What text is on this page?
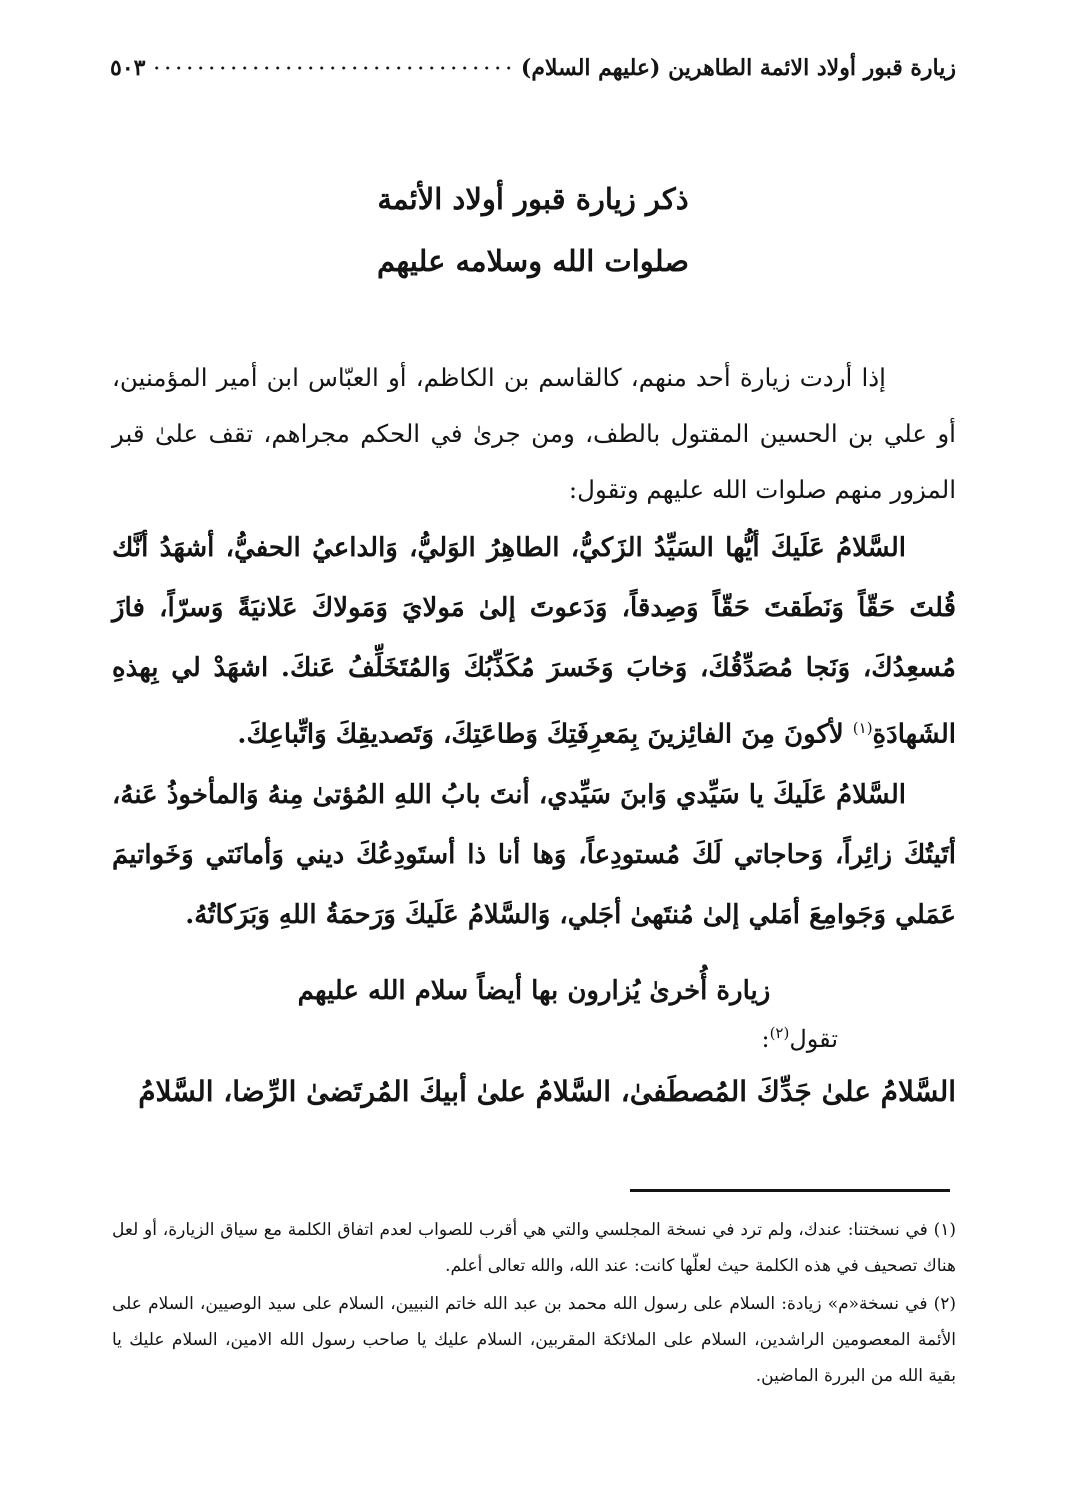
زيارة قبور أولاد الائمة الطاهرين (عليهم السلام)
٥٠٣
ذكر زيارة قبور أولاد الأئمة
صلوات الله وسلامه عليهم

إذا أردت زيارة أحد منهم، كالقاسم بن الكاظم، أو العبّاس ابن أمير المؤمنين، أو علي بن الحسين المقتول بالطف، ومن جرىٰ في الحكم مجراهم، تقف علىٰ قبر المزور منهم صلوات الله عليهم وتقول:

السَّلامُ عَلَيكَ أيُّها السَيِّدُ الزَكيُّ، الطاهِرُ الوَليُّ، وَالداعيُ الحفيُّ، أشهَدُ أنَّك قُلتَ حَقّاً وَنَطَقتَ حَقّاً وَصِدقاً، وَدَعوتَ إلىٰ مَولايَ وَمَولاكَ عَلانيَةً وَسرّاً، فازَ مُسعِدُكَ، وَنَجا مُصَدِّقُكَ، وَخابَ وَخَسرَ مُكَذِّبُكَ وَالمُتَخَلِّفُ عَنكَ. اشهَدْ لي بِهذهِ الشَهادَةِ$^{(١)}$ لأكونَ مِنَ الفائِزينَ بِمَعرِفَتِكَ وَطاعَتِكَ، وَتَصديقِكَ وَاتِّباعِكَ.

السَّلامُ عَلَيكَ يا سَيِّدي وَابنَ سَيِّدي، أنتَ بابُ اللهِ المُؤتىٰ مِنهُ وَالمأخوذُ عَنهُ، أتَيتُكَ زائِراً، وَحاجاتي لَكَ مُستودِعاً، وَها أنا ذا أستَودِعُكَ ديني وَأمانَتي وَخَواتيمَ عَمَلي وَجَوامِعَ أمَلي إلىٰ مُنتَهىٰ أجَلي، وَالسَّلامُ عَلَيكَ وَرَحمَةُ اللهِ وَبَرَكاتُهُ.

زيارة أُخرىٰ يُزارون بها أيضاً سلام الله عليهم

تقول$^{(٢)}$:

السَّلامُ علىٰ جَدِّكَ المُصطَفىٰ، السَّلامُ علىٰ أبيكَ المُرتَضىٰ الرِّضا، السَّلامُ

(١) في نسختنا: عندك، ولم ترد في نسخة المجلسي والتي هي أقرب للصواب لعدم اتفاق الكلمة مع سياق الزيارة، أو لعل هناك تصحيف في هذه الكلمة حيث لعلّها كانت: عند الله، والله تعالى أعلم.

(٢) في نسخة«م» زيادة: السلام على رسول الله محمد بن عبد الله خاتم النبيين، السلام على سيد الوصيين، السلام على الأئمة المعصومين الراشدين، السلام على الملائكة المقربين، السلام عليك يا صاحب رسول الله الامين، السلام عليك يا بقية الله من البررة الماضين.
